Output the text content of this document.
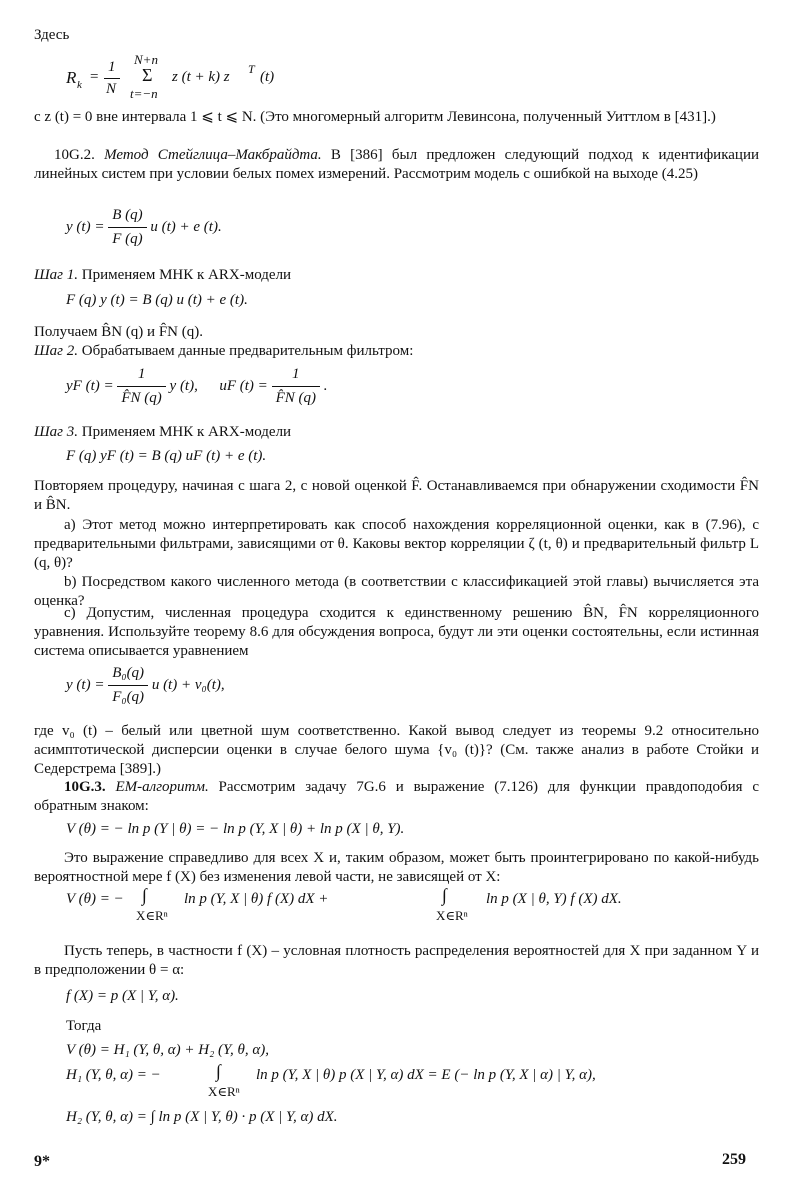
Здесь
R k =
1
N
N+n
Σ
t=−n
z (t + k) z T (t)
с z (t) = 0 вне интервала 1 ⩽ t ⩽ N. (Это многомерный алгоритм Левинсона, полученный Уиттлом в [431].)
10G.2. Метод Стейглица–Макбрайдта. В [386] был предложен следующий подход к идентификации линейных систем при условии белых помех измерений. Рассмотрим модель с ошибкой на выходе (4.25)
y $(t) = \frac{B (q)}{F (q)}$ u (t) + e (t).
Шаг 1. Применяем МНК к ARX-модели
F (q) y (t) = B (q) u (t) + e (t).
Получаем B̂N (q) и F̂N (q).
Шаг 2. Обрабатываем данные предварительным фильтром:
yF $(t) = \frac{1}{F̂N (q)}$ y (t), uF $(t) = \frac{1}{F̂N (q)}$ .
Шаг 3. Применяем МНК к ARX-модели
F (q) yF (t) = B (q) uF (t) + e (t).
Повторяем процедуру, начиная с шага 2, с новой оценкой F̂. Останавливаемся при обнаружении сходимости F̂N и B̂N.
a) Этот метод можно интерпретировать как способ нахождения корреляционной оценки, как в (7.96), с предварительными фильтрами, зависящими от θ. Каковы вектор корреляции ζ (t, θ) и предварительный фильтр L (q, θ)?
b) Посредством какого численного метода (в соответствии с классификацией этой главы) вычисляется эта оценка?
c) Допустим, численная процедура сходится к единственному решению B̂N, F̂N корреляционного уравнения. Используйте теорему 8.6 для обсуждения вопроса, будут ли эти оценки состоятельны, если истинная система описывается уравнением
y $(t) = \frac{\text{B₀(q)}}{\text{F₀(q)}}$ u (t) + v₀(t),
где v₀ (t) – белый или цветной шум соответственно. Какой вывод следует из теоремы 9.2 относительно асимптотической дисперсии оценки в случае белого шума {v₀ (t)}? (См. также анализ в работе Стойки и Седерстрема [389].)
10G.3. EM-алгоритм. Рассмотрим задачу 7G.6 и выражение (7.126) для функции правдоподобия с обратным знаком:
V (θ) = − ln p (Y | θ) = − ln p (Y, X | θ) + ln p (X | θ, Y).
Это выражение справедливо для всех X и, таким образом, может быть проинтегрировано по какой-нибудь вероятностной мере f (X) без изменения левой части, не зависящей от X:
V (θ) = − ∫
X∈Rⁿ
ln p (Y, X | θ) f (X) dX +	∫
X∈Rⁿ
ln p (X | θ, Y) f (X) dX.
Пусть теперь, в частности f (X) – условная плотность распределения вероятностей для X при заданном Y и в предположении θ = α:
f (X) = p (X | Y, α).
Тогда
V (θ) = H₁ (Y, θ, α) + H₂ (Y, θ, α),
H₁ (Y, θ, α) = −	∫
X∈Rⁿ
ln p (Y, X | θ) p (X | Y, α) dX = E (− ln p (Y, X | α) | Y, α),
H₂ (Y, θ, α) = ∫ ln p (X | Y, θ) · p (X | Y, α) dX.
9*	259
